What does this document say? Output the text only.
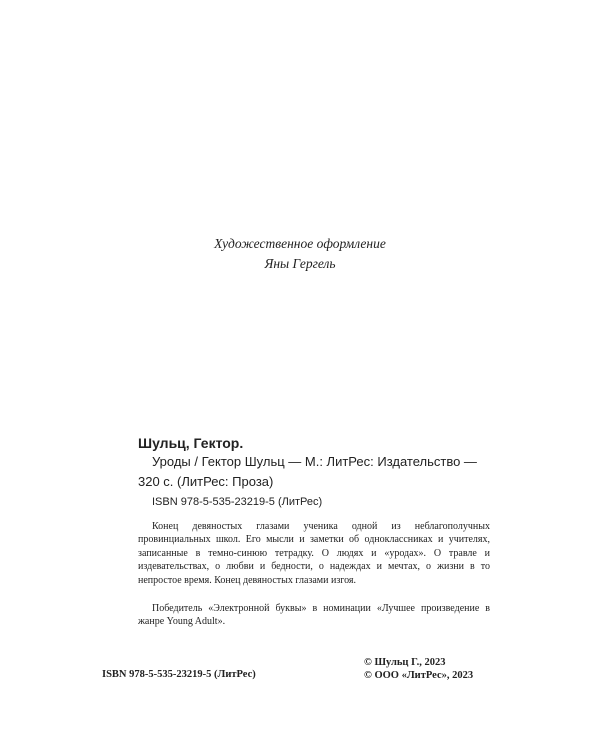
Художественное оформление
Яны Гергель

Шульц, Гектор.

Уроды / Гектор Шульц — М.: ЛитРес: Издательство — 320 с. (ЛитРес: Проза)

ISBN 978-5-535-23219-5 (ЛитРес)

Конец девяностых глазами ученика одной из неблагополучных провинциальных школ. Его мысли и заметки об одноклассниках и учителях, записанные в темно-синюю тетрадку. О людях и «уродах». О травле и издевательствах, о любви и бедности, о надеждах и мечтах, о жизни в то непростое время. Конец девяностых глазами изгоя.

Победитель «Электронной буквы» в номинации «Лучшее произведение в жанре Young Adult».

ISBN 978-5-535-23219-5 (ЛитРес)
© Шульц Г., 2023
© ООО «ЛитРес», 2023
